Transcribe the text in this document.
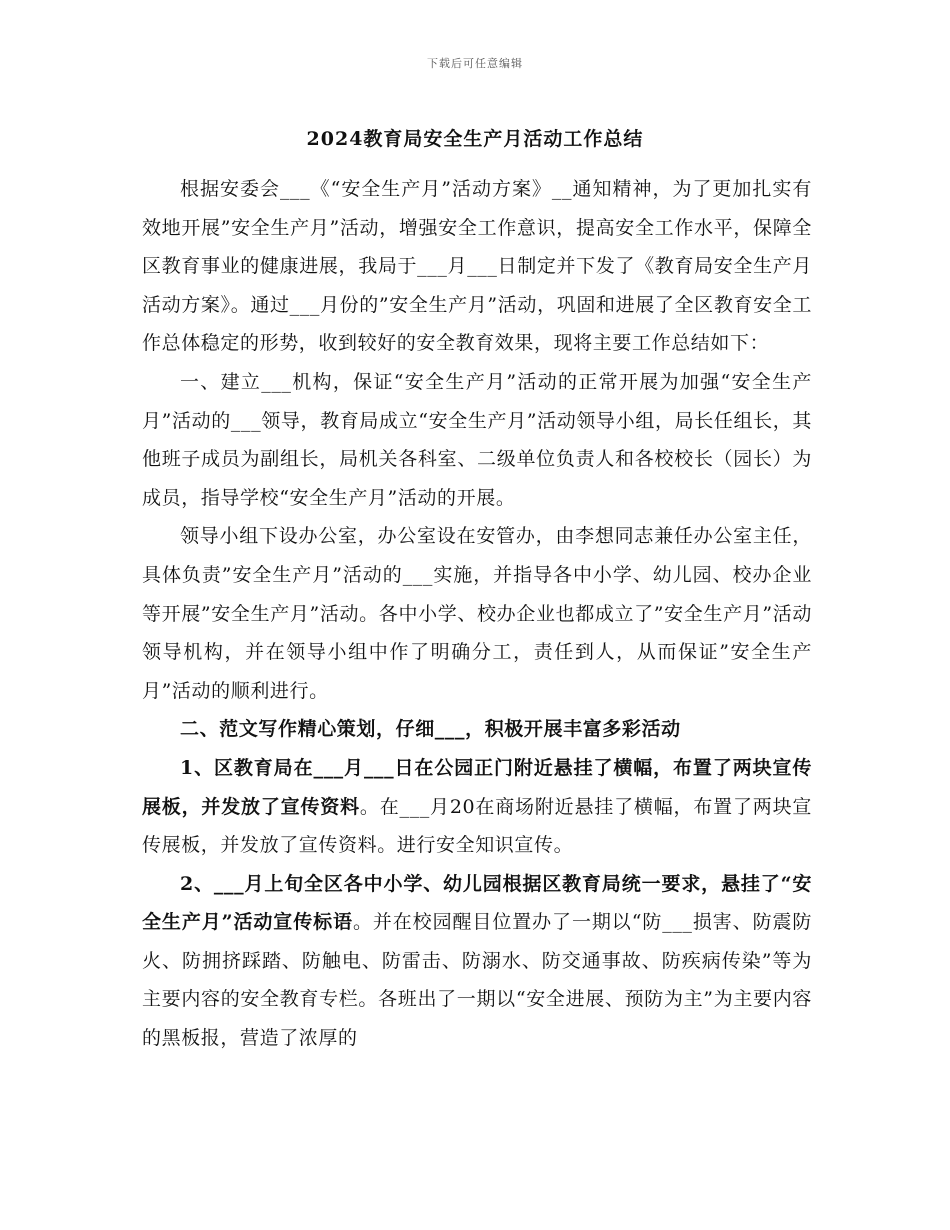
下载后可任意编辑
2024教育局安全生产月活动工作总结

根据安委会___《“安全生产月”活动方案》__通知精神，为了更加扎实有效地开展”安全生产月”活动，增强安全工作意识，提高安全工作水平，保障全区教育事业的健康进展，我局于___月___日制定并下发了《教育局安全生产月活动方案》。通过___月份的”安全生产月”活动，巩固和进展了全区教育安全工作总体稳定的形势，收到较好的安全教育效果，现将主要工作总结如下：

一、建立___机构，保证“安全生产月”活动的正常开展为加强“安全生产月”活动的___领导，教育局成立“安全生产月”活动领导小组，局长任组长，其他班子成员为副组长，局机关各科室、二级单位负责人和各校校长（园长）为成员，指导学校“安全生产月”活动的开展。

领导小组下设办公室，办公室设在安管办，由李想同志兼任办公室主任，具体负责”安全生产月”活动的___实施，并指导各中小学、幼儿园、校办企业等开展”安全生产月”活动。各中小学、校办企业也都成立了”安全生产月”活动领导机构，并在领导小组中作了明确分工，责任到人，从而保证”安全生产月”活动的顺利进行。

二、范文写作精心策划，仔细___，积极开展丰富多彩活动

1、区教育局在___月___日在公园正门附近悬挂了横幅，布置了两块宣传展板，并发放了宣传资料。在___月20在商场附近悬挂了横幅，布置了两块宣传展板，并发放了宣传资料。进行安全知识宣传。

2、___月上旬全区各中小学、幼儿园根据区教育局统一要求，悬挂了“安全生产月”活动宣传标语。并在校园醒目位置办了一期以“防___损害、防震防火、防拥挤踩踏、防触电、防雷击、防溺水、防交通事故、防疾病传染”等为主要内容的安全教育专栏。各班出了一期以“安全进展、预防为主”为主要内容的黑板报，营造了浓厚的
